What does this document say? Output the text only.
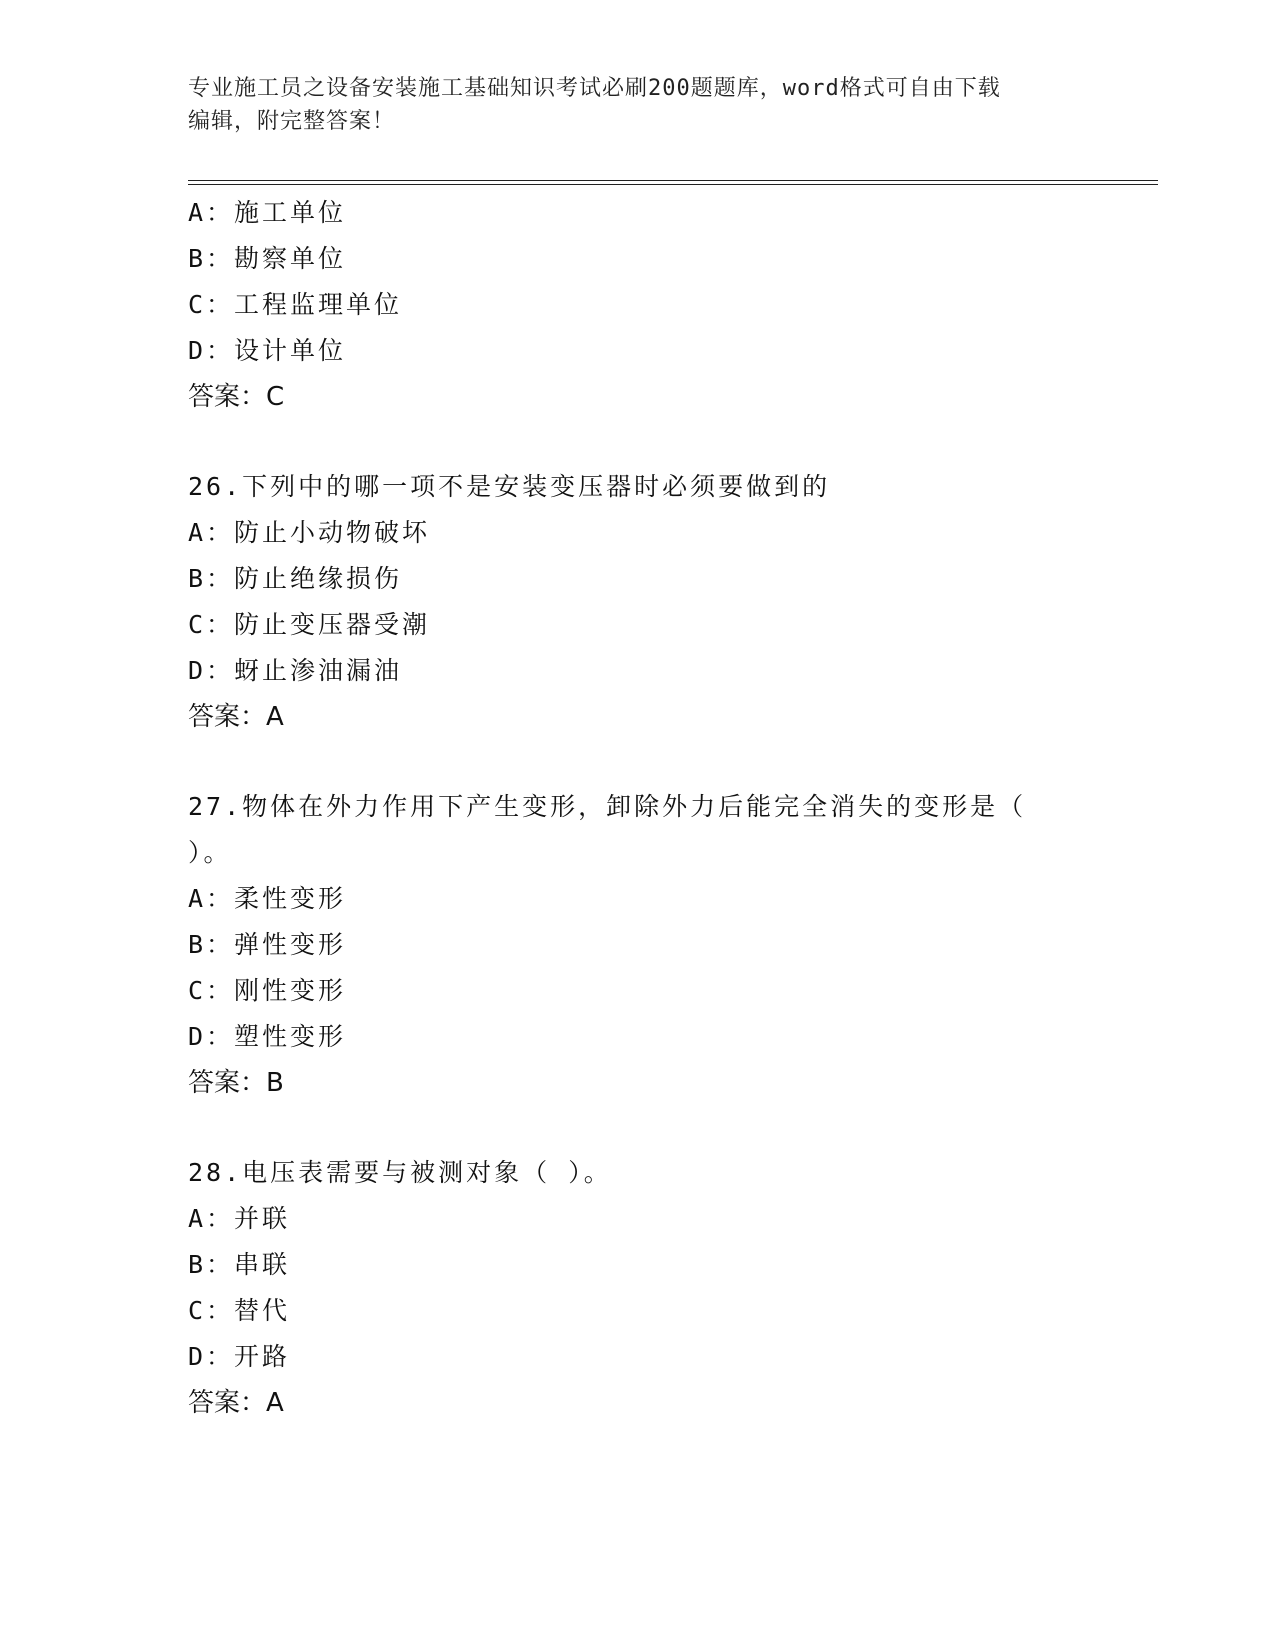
专业施工员之设备安装施工基础知识考试必刷200题题库，word格式可自由下载
编辑，附完整答案！
A：施工单位
B：勘察单位
C：工程监理单位
D：设计单位
答案：C
26.下列中的哪一项不是安装变压器时必须要做到的
A：防止小动物破坏
B：防止绝缘损伤
C：防止变压器受潮
D：蚜止渗油漏油
答案：A
27.物体在外力作用下产生变形，卸除外力后能完全消失的变形是（
）。
A：柔性变形
B：弹性变形
C：刚性变形
D：塑性变形
答案：B
28.电压表需要与被测对象（ ）。
A：并联
B：串联
C：替代
D：开路
答案：A
